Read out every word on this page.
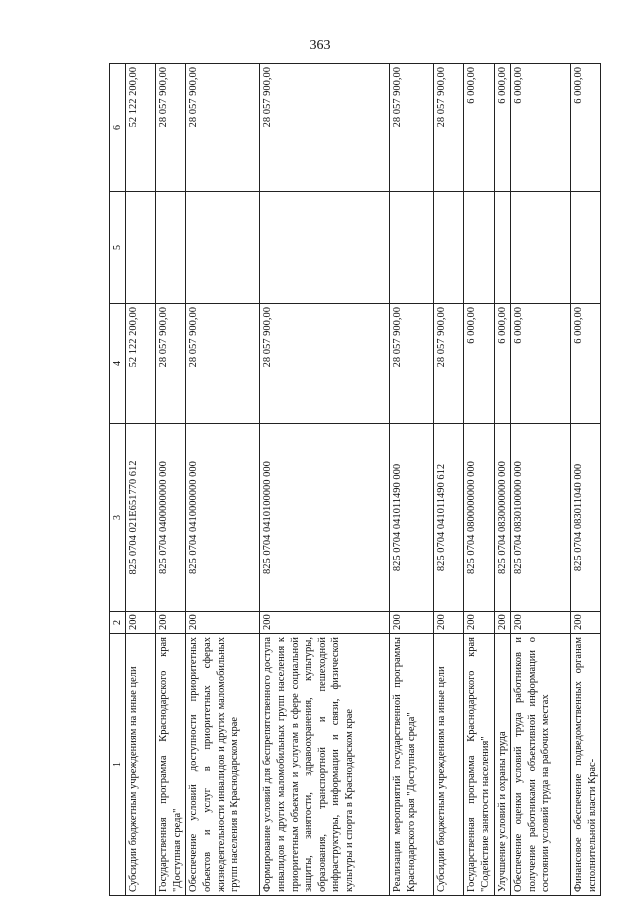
363
1	2	3	4	5	6
Субсидии бюджетным учреждениям на иные цели	200	825 0704 021E651770 612	52 122 200,00		52 122 200,00
Государственная программа Краснодарского края "Доступная среда"	200	825 0704 0400000000 000	28 057 900,00		28 057 900,00
Обеспечение условий доступности приоритетных объектов и услуг в приоритетных сферах жизнедеятельности инвалидов и других маломобильных групп населения в Краснодарском крае	200	825 0704 0410000000 000	28 057 900,00		28 057 900,00
Формирование условий для беспрепятственного доступа инвалидов и других маломобильных групп населения к приоритетным объектам и услугам в сфере социальной защиты, занятости, здравоохранения, культуры, образования, транспортной и пешеходной инфраструктуры, информации и связи, физической культуры и спорта в Краснодарском крае	200	825 0704 0410100000 000	28 057 900,00		28 057 900,00
Реализация мероприятий государственной программы Краснодарского края "Доступная среда"	200	825 0704 041011490 000	28 057 900,00		28 057 900,00
Субсидии бюджетным учреждениям на иные цели	200	825 0704 041011490 612	28 057 900,00		28 057 900,00
Государственная программа Краснодарского края "Содействие занятости населения"	200	825 0704 0800000000 000	6 000,00		6 000,00
Улучшение условий и охраны труда	200	825 0704 0830000000 000	6 000,00		6 000,00
Обеспечение оценки условий труда работников и получение работниками объективной информации о состоянии условий труда на рабочих местах	200	825 0704 0830100000 000	6 000,00		6 000,00
Финансовое обеспечение подведомственных органам исполнительной власти Крас-	200	825 0704 083011040 000	6 000,00		6 000,00
